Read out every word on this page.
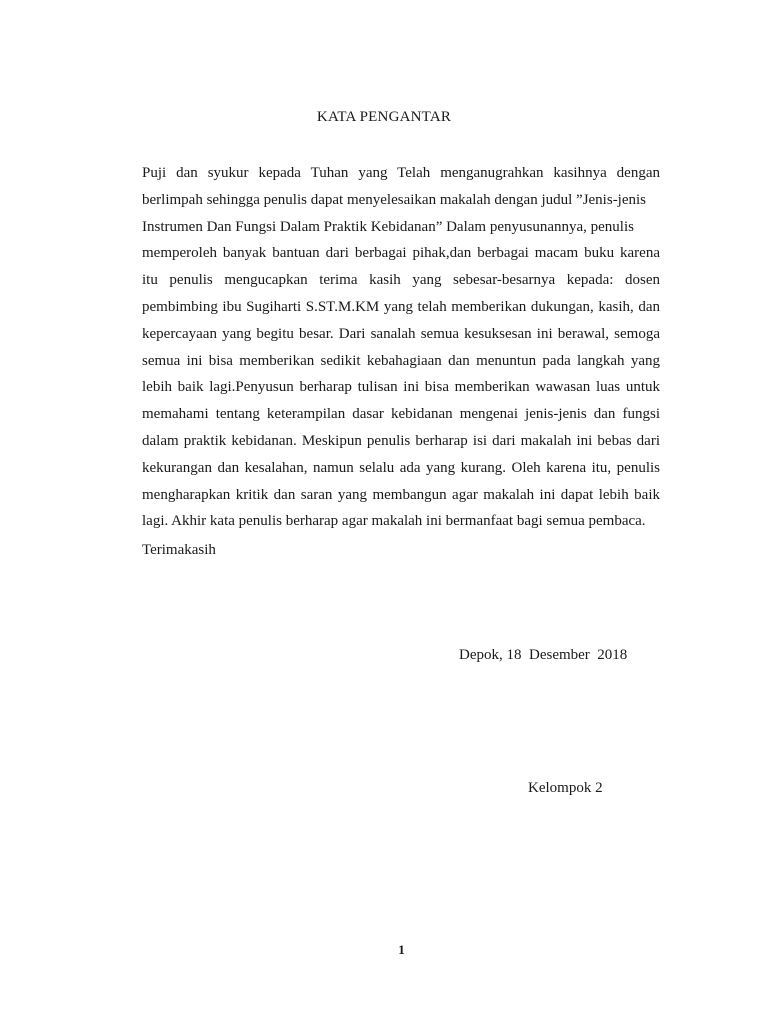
KATA PENGANTAR
Puji dan syukur kepada Tuhan yang Telah menganugrahkan kasihnya dengan
berlimpah sehingga penulis dapat menyelesaikan makalah dengan judul ”Jenis-jenis
Instrumen Dan Fungsi Dalam Praktik Kebidanan” Dalam penyusunannya, penulis
memperoleh banyak bantuan dari berbagai pihak,dan berbagai macam buku karena
itu penulis mengucapkan terima kasih yang sebesar-besarnya kepada: dosen
pembimbing ibu Sugiharti S.ST.M.KM yang telah memberikan dukungan, kasih, dan
kepercayaan yang begitu besar. Dari sanalah semua kesuksesan ini berawal, semoga
semua ini bisa memberikan sedikit kebahagiaan dan menuntun pada langkah yang
lebih baik lagi.Penyusun berharap tulisan ini bisa memberikan wawasan luas untuk
memahami tentang keterampilan dasar kebidanan mengenai jenis-jenis dan fungsi
dalam praktik kebidanan. Meskipun penulis berharap isi dari makalah ini bebas dari
kekurangan dan kesalahan, namun selalu ada yang kurang. Oleh karena itu, penulis
mengharapkan kritik dan saran yang membangun agar makalah ini dapat lebih baik
lagi. Akhir kata penulis berharap agar makalah ini bermanfaat bagi semua pembaca.
Terimakasih
Depok, 18  Desember  2018
Kelompok 2
1
